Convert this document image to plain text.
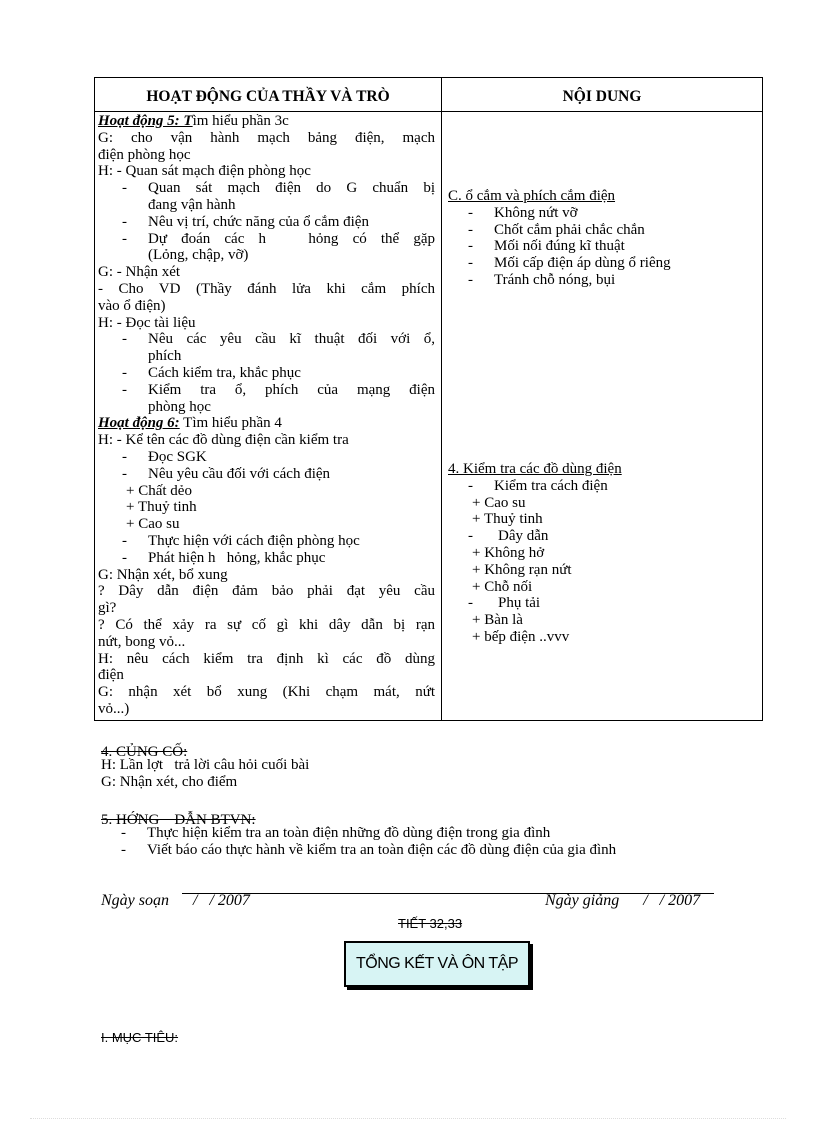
HOẠT ĐỘNG CỦA THẦY VÀ TRÒ	NỘI DUNG
Hoạt động 5: Tìm hiểu phần 3c
G: cho vận hành mạch bảng điện, mạch
điện phòng học
H: - Quan sát mạch điện phòng học
-	Quan sát mạch điện do G chuẩn bị
đang vận hành
-	Nêu vị trí, chức năng của ổ cắm điện
-	Dự đoán các h   hỏng có thể gặp
(Lỏng, chập, vỡ)
G: - Nhận xét
- Cho VD (Thầy đánh lửa khi cắm phích
vào ổ điện)
H: - Đọc tài liệu
-	Nêu các yêu cầu kĩ thuật đối với ổ,
phích
-	Cách kiểm tra, khắc phục
-	Kiểm tra ổ, phích của mạng điện
phòng học
Hoạt động 6: Tìm hiểu phần 4
H: - Kể tên các đồ dùng điện cần kiểm tra
-	Đọc SGK
-	Nêu yêu cầu đối với cách điện
+ Chất dẻo
+ Thuỷ tinh
+ Cao su
-	Thực hiện với cách điện phòng học
-	Phát hiện h   hỏng, khắc phục
G: Nhận xét, bổ xung
? Dây dẫn điện đảm bảo phải đạt yêu cầu
gì?
? Có thể xảy ra sự cố gì khi dây dẫn bị rạn
nứt, bong vỏ...
H: nêu cách kiểm tra định kì các đồ dùng
điện
G: nhận xét bổ xung (Khi chạm mát, nứt
vỏ...)
C. ổ cắm và phích cắm điện
-	Không nứt vỡ
-	Chốt cắm phải chắc chắn
-	Mối nối đúng kĩ thuật
-	Mối cấp điện áp dùng ổ riêng
-	Tránh chỗ nóng, bụi
4. Kiểm tra các đồ dùng điện
-	Kiểm tra cách điện
+ Cao su
+ Thuỷ tinh
-	Dây dẫn
+ Không hở
+ Không rạn nứt
+ Chỗ nối
-	Phụ tải
+ Bàn là
+ bếp điện ..vvv
4. CỦNG CỐ:
H: Lần lợt   trả lời câu hỏi cuối bài
G: Nhận xét, cho điểm
5. HỚNG    DẪN BTVN:
-	Thực hiện kiểm tra an toàn điện những đồ dùng điện trong gia đình
-	Viết báo cáo thực hành về kiểm tra an toàn điện các đồ dùng điện của gia đình
Ngày soạn      /   / 2007	Ngày giảng      /   / 2007
TIẾT 32,33
TỔNG KẾT VÀ ÔN TẬP
I. MỤC TIÊU:
